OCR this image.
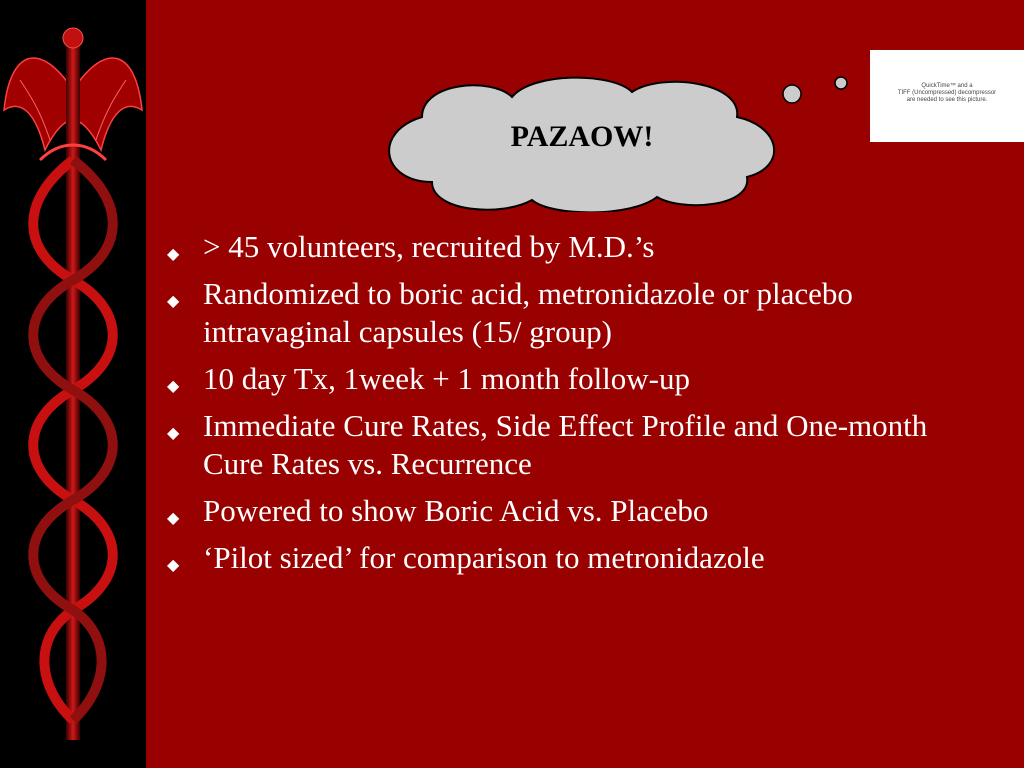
PAZAOW!
QuickTime™ and a
TIFF (Uncompressed) decompressor
are needed to see this picture.
◆ > 45 volunteers, recruited by M.D.’s
◆ Randomized to boric acid, metronidazole or placebo intravaginal capsules (15/ group)
◆ 10 day Tx, 1week + 1 month follow-up
◆ Immediate Cure Rates, Side Effect Profile and One-month Cure Rates vs. Recurrence
◆ Powered to show Boric Acid vs. Placebo
◆ ‘Pilot sized’ for comparison to metronidazole
